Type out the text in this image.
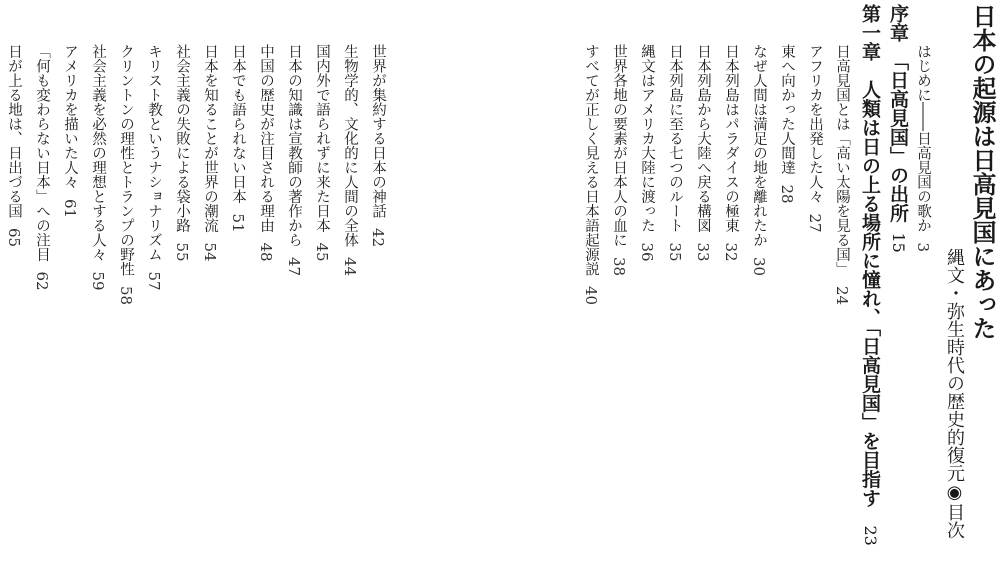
日本の起源は日高見国にあった
縄文・弥生時代の歴史的復元◉目次
はじめに――日高見国の歌か3
序章　「日高見国」の出所15
第一章　人類は日の上る場所に憧れ、「日高見国」を目指す23
日高見国とは「高い太陽を見る国」24
アフリカを出発した人々27
東へ向かった人間達28
なぜ人間は満足の地を離れたか30
日本列島はパラダイスの極東32
日本列島から大陸へ戻る構図33
日本列島に至る七つのルート35
縄文はアメリカ大陸に渡った36
世界各地の要素が日本人の血に38
すべてが正しく見える日本語起源説40
世界が集約する日本の神話42
生物学的、文化的に人間の全体44
国内外で語られずに来た日本45
日本の知識は宣教師の著作から47
中国の歴史が注目される理由48
日本でも語られない日本51
日本を知ることが世界の潮流54
社会主義の失敗による袋小路55
キリスト教というナショナリズム57
クリントンの理性とトランプの野性58
社会主義を必然の理想とする人々59
アメリカを描いた人々61
「何も変わらない日本」への注目62
日が上る地は、日出づる国65
